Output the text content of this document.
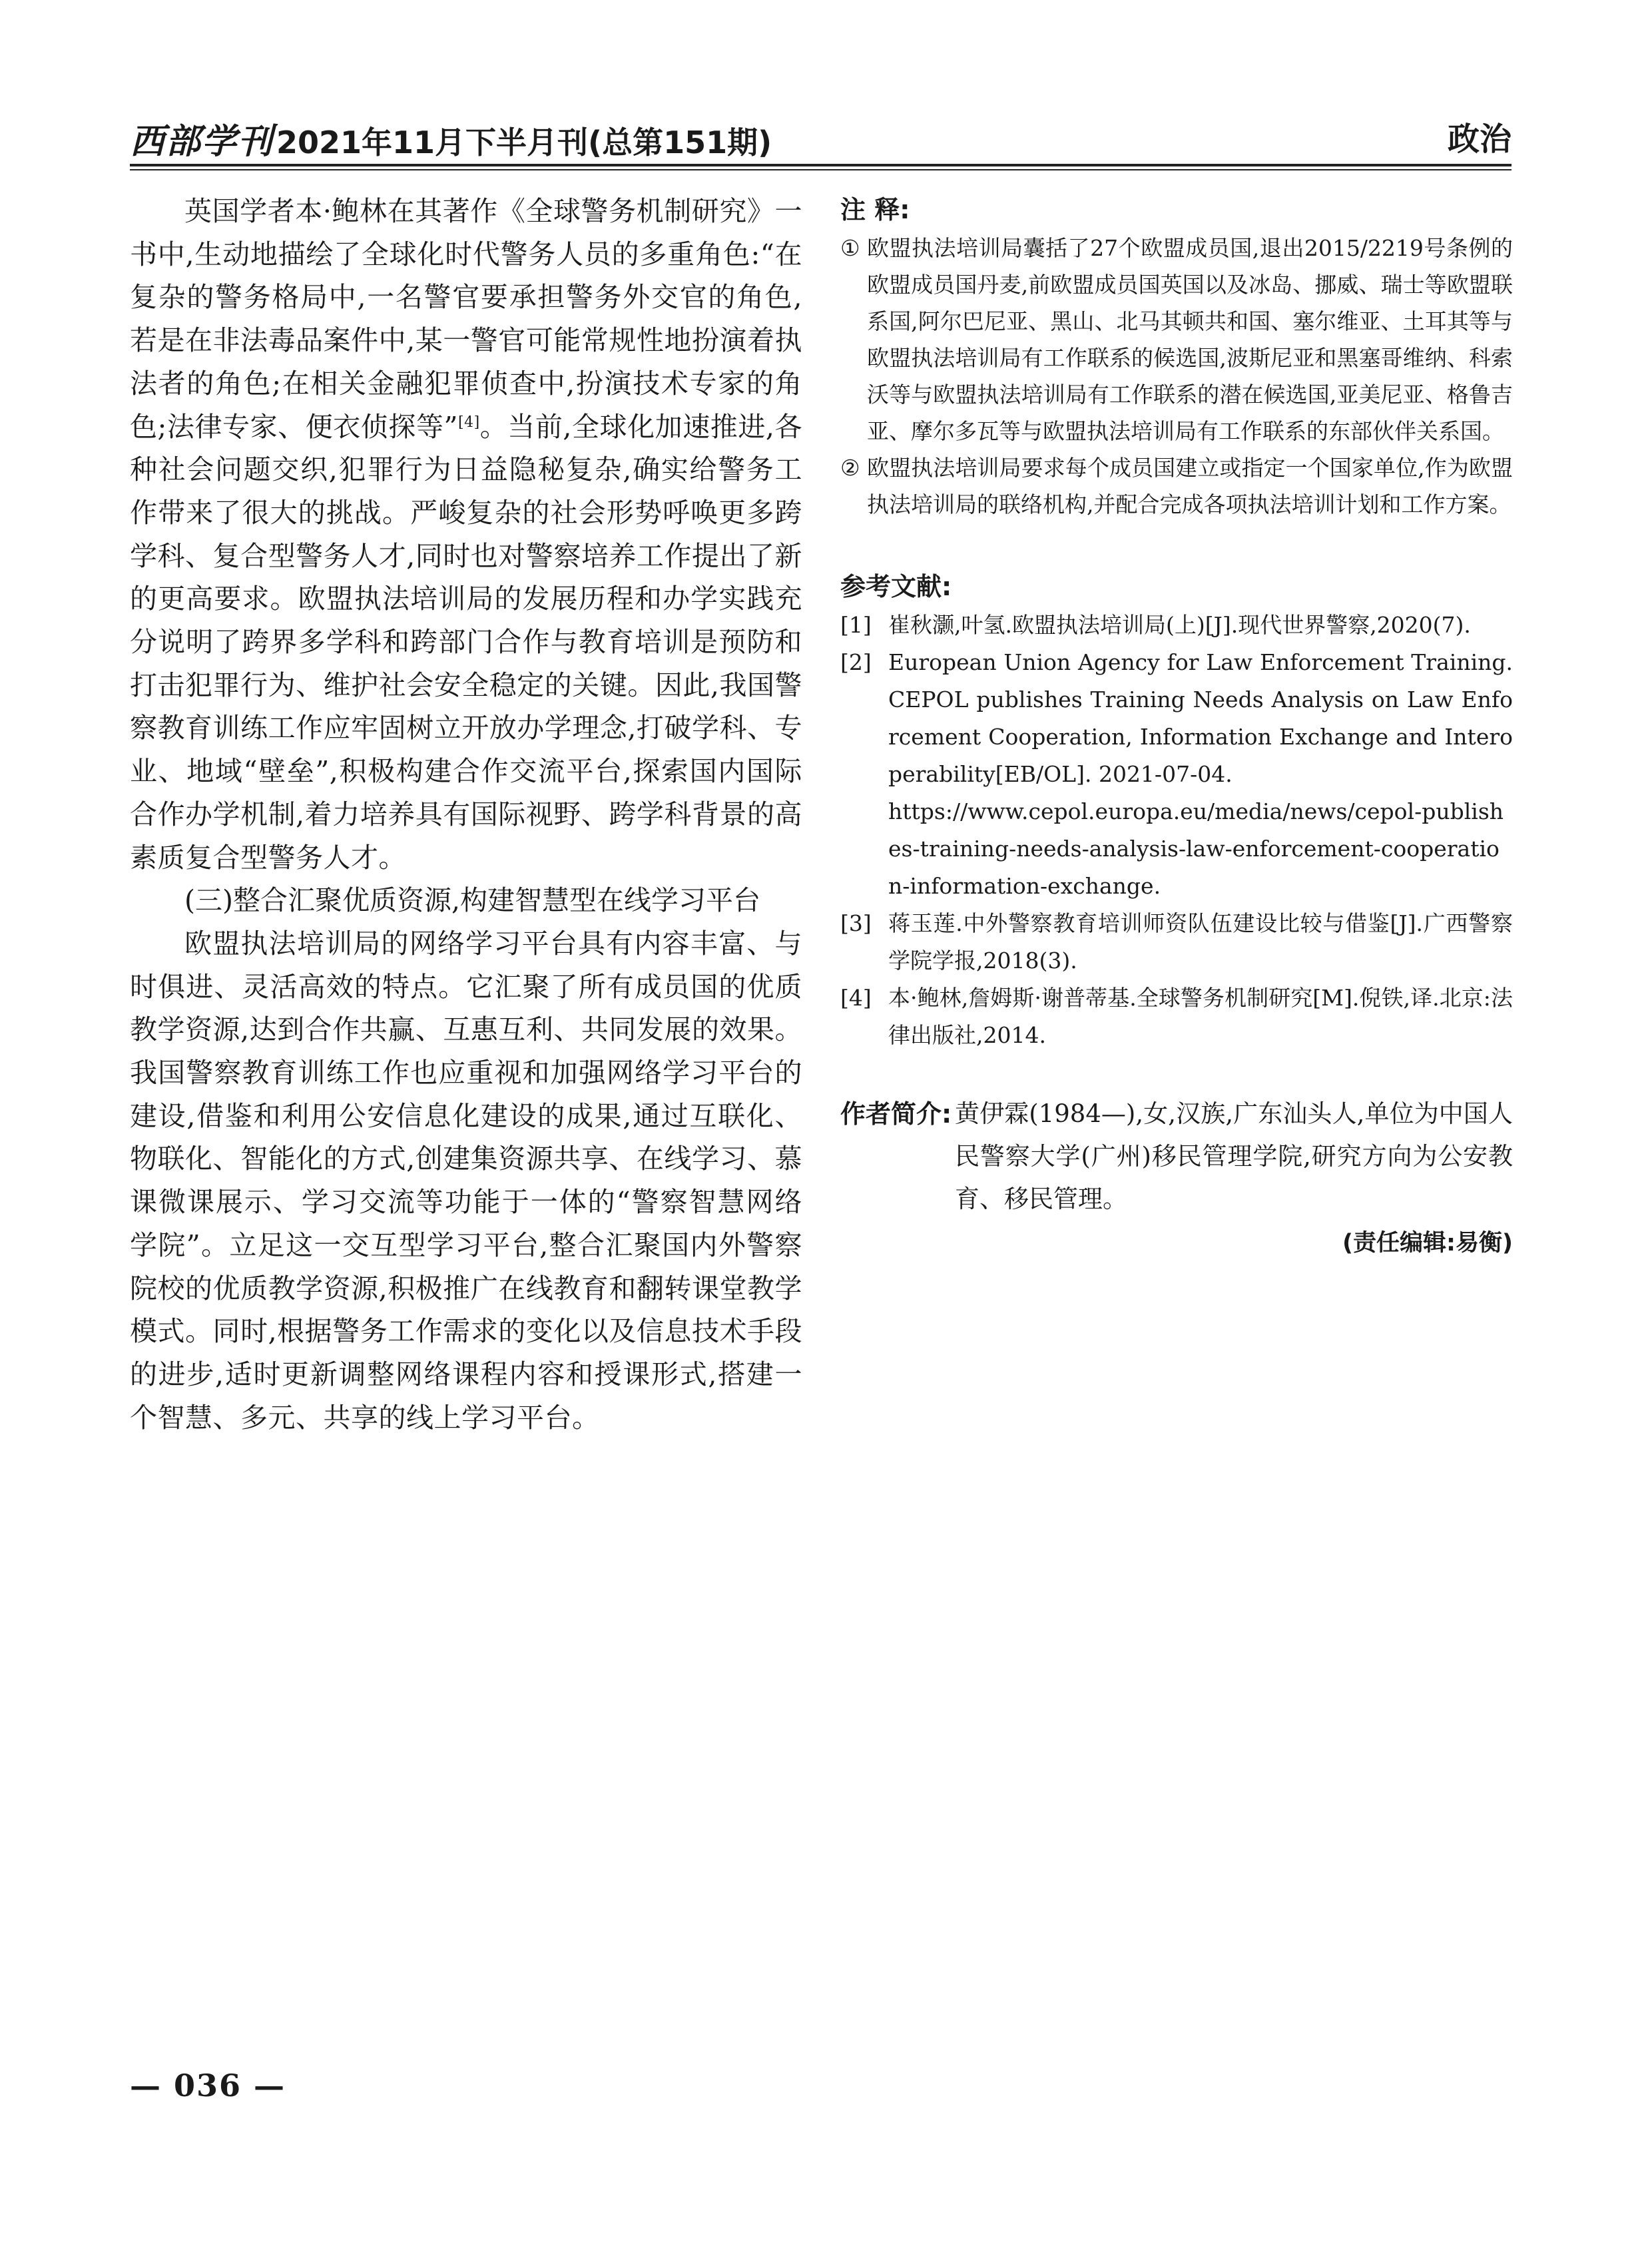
西部学刊 2021年11月下半月刊(总第151期)	政治

英国学者本·鲍林在其著作《全球警务机制研究》一书中,生动地描绘了全球化时代警务人员的多重角色:“在复杂的警务格局中,一名警官要承担警务外交官的角色,若是在非法毒品案件中,某一警官可能常规性地扮演着执法者的角色;在相关金融犯罪侦查中,扮演技术专家的角色;法律专家、便衣侦探等”[4]。当前,全球化加速推进,各种社会问题交织,犯罪行为日益隐秘复杂,确实给警务工作带来了很大的挑战。严峻复杂的社会形势呼唤更多跨学科、复合型警务人才,同时也对警察培养工作提出了新的更高要求。欧盟执法培训局的发展历程和办学实践充分说明了跨界多学科和跨部门合作与教育培训是预防和打击犯罪行为、维护社会安全稳定的关键。因此,我国警察教育训练工作应牢固树立开放办学理念,打破学科、专业、地域“壁垒”,积极构建合作交流平台,探索国内国际合作办学机制,着力培养具有国际视野、跨学科背景的高素质复合型警务人才。

(三)整合汇聚优质资源,构建智慧型在线学习平台

欧盟执法培训局的网络学习平台具有内容丰富、与时俱进、灵活高效的特点。它汇聚了所有成员国的优质教学资源,达到合作共赢、互惠互利、共同发展的效果。我国警察教育训练工作也应重视和加强网络学习平台的建设,借鉴和利用公安信息化建设的成果,通过互联化、物联化、智能化的方式,创建集资源共享、在线学习、慕课微课展示、学习交流等功能于一体的“警察智慧网络学院”。立足这一交互型学习平台,整合汇聚国内外警察院校的优质教学资源,积极推广在线教育和翻转课堂教学模式。同时,根据警务工作需求的变化以及信息技术手段的进步,适时更新调整网络课程内容和授课形式,搭建一个智慧、多元、共享的线上学习平台。

注 释:

① 欧盟执法培训局囊括了27个欧盟成员国,退出2015/2219号条例的欧盟成员国丹麦,前欧盟成员国英国以及冰岛、挪威、瑞士等欧盟联系国,阿尔巴尼亚、黑山、北马其顿共和国、塞尔维亚、土耳其等与欧盟执法培训局有工作联系的候选国,波斯尼亚和黑塞哥维纳、科索沃等与欧盟执法培训局有工作联系的潜在候选国,亚美尼亚、格鲁吉亚、摩尔多瓦等与欧盟执法培训局有工作联系的东部伙伴关系国。
② 欧盟执法培训局要求每个成员国建立或指定一个国家单位,作为欧盟执法培训局的联络机构,并配合完成各项执法培训计划和工作方案。

参考文献:

[1] 崔秋灏,叶氢.欧盟执法培训局(上)[J].现代世界警察,2020(7).
[2] European Union Agency for Law Enforcement Training. CEPOL publishes Training Needs Analysis on Law Enforcement Cooperation, Information Exchange and Interoperability[EB/OL]. 2021-07-04.
https://www.cepol.europa.eu/media/news/cepol-publishes-training-needs-analysis-law-enforcement-cooperation-information-exchange.
[3] 蒋玉莲.中外警察教育培训师资队伍建设比较与借鉴[J].广西警察学院学报,2018(3).
[4] 本·鲍林,詹姆斯·谢普蒂基.全球警务机制研究[M].倪铁,译.北京:法律出版社,2014.
作者简介: 黄伊霖(1984—),女,汉族,广东汕头人,单位为中国人民警察大学(广州)移民管理学院,研究方向为公安教育、移民管理。
(责任编辑:易衡)
— 036 —
